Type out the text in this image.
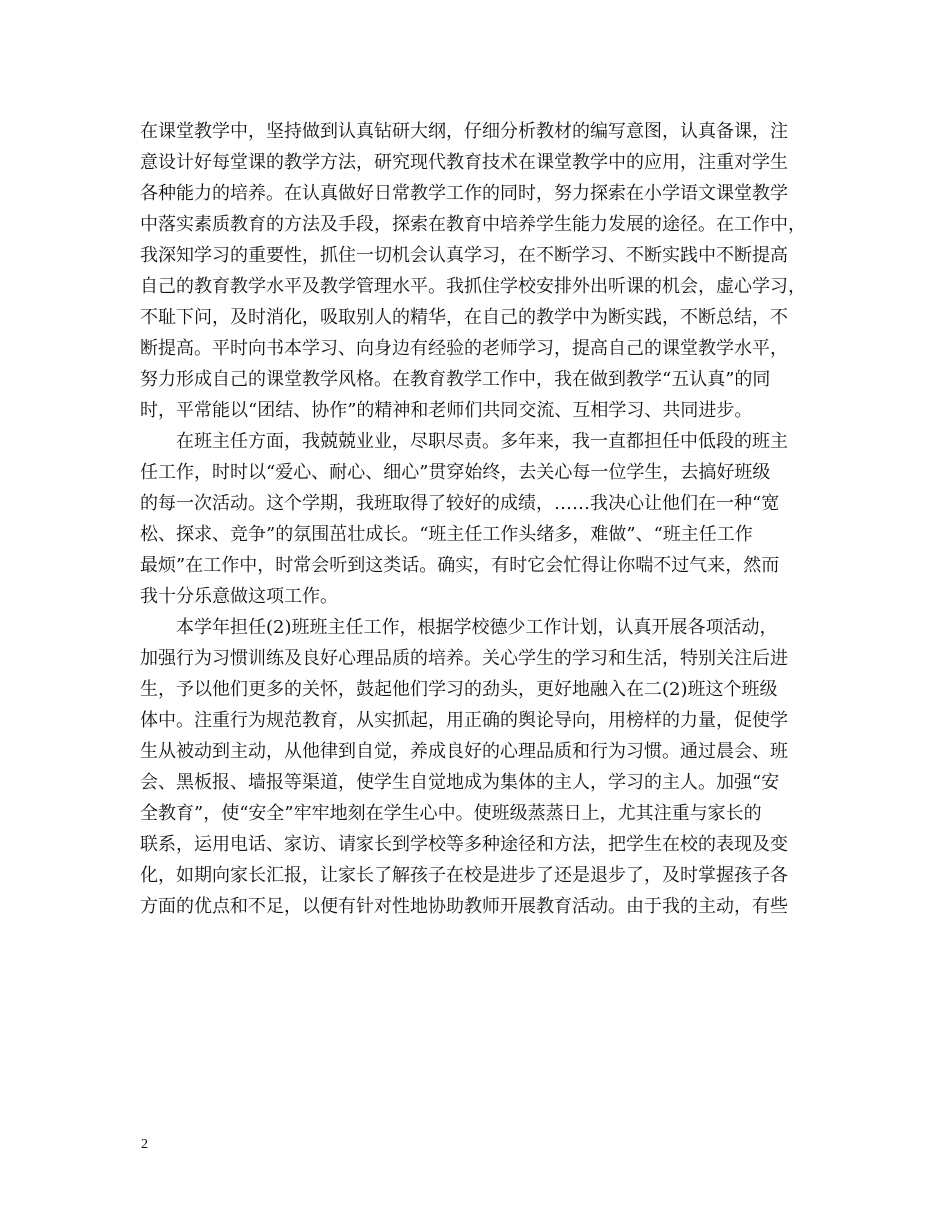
在课堂教学中，坚持做到认真钻研大纲，仔细分析教材的编写意图，认真备课，注
意设计好每堂课的教学方法，研究现代教育技术在课堂教学中的应用，注重对学生
各种能力的培养。在认真做好日常教学工作的同时，努力探索在小学语文课堂教学
中落实素质教育的方法及手段，探索在教育中培养学生能力发展的途径。在工作中，
我深知学习的重要性，抓住一切机会认真学习，在不断学习、不断实践中不断提高
自己的教育教学水平及教学管理水平。我抓住学校安排外出听课的机会，虚心学习，
不耻下问，及时消化，吸取别人的精华，在自己的教学中为断实践，不断总结，不
断提高。平时向书本学习、向身边有经验的老师学习，提高自己的课堂教学水平，
努力形成自己的课堂教学风格。在教育教学工作中，我在做到教学“五认真”的同
时，平常能以“团结、协作”的精神和老师们共同交流、互相学习、共同进步。
在班主任方面，我兢兢业业，尽职尽责。多年来，我一直都担任中低段的班主
任工作，时时以“爱心、耐心、细心”贯穿始终，去关心每一位学生，去搞好班级
的每一次活动。这个学期，我班取得了较好的成绩，……我决心让他们在一种“宽
松、探求、竞争”的氛围茁壮成长。“班主任工作头绪多，难做”、“班主任工作
最烦”在工作中，时常会听到这类话。确实，有时它会忙得让你喘不过气来，然而
我十分乐意做这项工作。
本学年担任(2)班班主任工作，根据学校德少工作计划，认真开展各项活动，
加强行为习惯训练及良好心理品质的培养。关心学生的学习和生活，特别关注后进
生，予以他们更多的关怀，鼓起他们学习的劲头，更好地融入在二(2)班这个班级
体中。注重行为规范教育，从实抓起，用正确的舆论导向，用榜样的力量，促使学
生从被动到主动，从他律到自觉，养成良好的心理品质和行为习惯。通过晨会、班
会、黑板报、墙报等渠道，使学生自觉地成为集体的主人，学习的主人。加强“安
全教育”，使“安全”牢牢地刻在学生心中。使班级蒸蒸日上，尤其注重与家长的
联系，运用电话、家访、请家长到学校等多种途径和方法，把学生在校的表现及变
化，如期向家长汇报，让家长了解孩子在校是进步了还是退步了，及时掌握孩子各
方面的优点和不足，以便有针对性地协助教师开展教育活动。由于我的主动，有些
2
